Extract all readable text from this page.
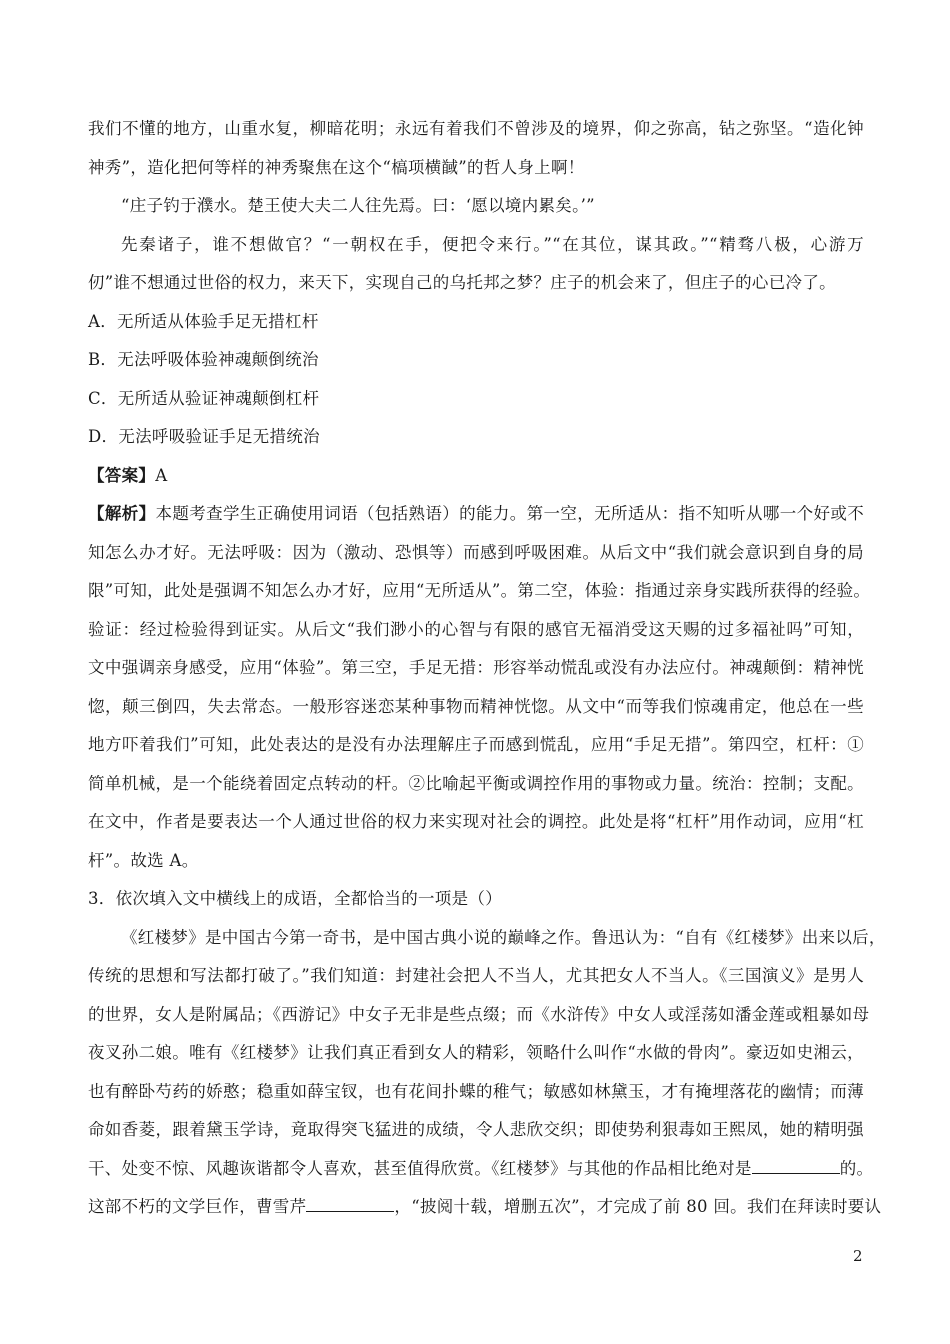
我们不懂的地方，山重水复，柳暗花明；永远有着我们不曾涉及的境界，仰之弥高，钻之弥坚。“造化钟
神秀”，造化把何等样的神秀聚焦在这个“槁项横馘”的哲人身上啊！
“庄子钓于濮水。楚王使大夫二人往先焉。曰：‘愿以境内累矣。’”
先秦诸子，谁不想做官？“一朝权在手，便把令来行。”“在其位，谋其政。”“精骛八极，心游万
仞”谁不想通过世俗的权力，来天下，实现自己的乌托邦之梦？庄子的机会来了，但庄子的心已冷了。
A．无所适从体验手足无措杠杆
B．无法呼吸体验神魂颠倒统治
C．无所适从验证神魂颠倒杠杆
D．无法呼吸验证手足无措统治
【答案】A
【解析】本题考查学生正确使用词语（包括熟语）的能力。第一空，无所适从：指不知听从哪一个好或不
知怎么办才好。无法呼吸：因为（激动、恐惧等）而感到呼吸困难。从后文中“我们就会意识到自身的局
限”可知，此处是强调不知怎么办才好，应用“无所适从”。第二空，体验：指通过亲身实践所获得的经验。
验证：经过检验得到证实。从后文“我们渺小的心智与有限的感官无福消受这天赐的过多福祉吗”可知，
文中强调亲身感受，应用“体验”。第三空，手足无措：形容举动慌乱或没有办法应付。神魂颠倒：精神恍
惚，颠三倒四，失去常态。一般形容迷恋某种事物而精神恍惚。从文中“而等我们惊魂甫定，他总在一些
地方吓着我们”可知，此处表达的是没有办法理解庄子而感到慌乱，应用“手足无措”。第四空，杠杆：①
简单机械，是一个能绕着固定点转动的杆。②比喻起平衡或调控作用的事物或力量。统治：控制；支配。
在文中，作者是要表达一个人通过世俗的权力来实现对社会的调控。此处是将“杠杆”用作动词，应用“杠
杆”。故选 A。
3．依次填入文中横线上的成语，全都恰当的一项是（）
《红楼梦》是中国古今第一奇书，是中国古典小说的巅峰之作。鲁迅认为：“自有《红楼梦》出来以后，
传统的思想和写法都打破了。”我们知道：封建社会把人不当人，尤其把女人不当人。《三国演义》是男人
的世界，女人是附属品；《西游记》中女子无非是些点缀；而《水浒传》中女人或淫荡如潘金莲或粗暴如母
夜叉孙二娘。唯有《红楼梦》让我们真正看到女人的精彩，领略什么叫作“水做的骨肉”。豪迈如史湘云，
也有醉卧芍药的娇憨；稳重如薛宝钗，也有花间扑蝶的稚气；敏感如林黛玉，才有掩埋落花的幽情；而薄
命如香菱，跟着黛玉学诗，竟取得突飞猛进的成绩，令人悲欣交织；即使势利狠毒如王熙凤，她的精明强
干、处变不惊、风趣诙谐都令人喜欢，甚至值得欣赏。《红楼梦》与其他的作品相比绝对是	的。
这部不朽的文学巨作，曹雪芹	，“披阅十载，增删五次”，才完成了前 80 回。我们在拜读时要认
2
